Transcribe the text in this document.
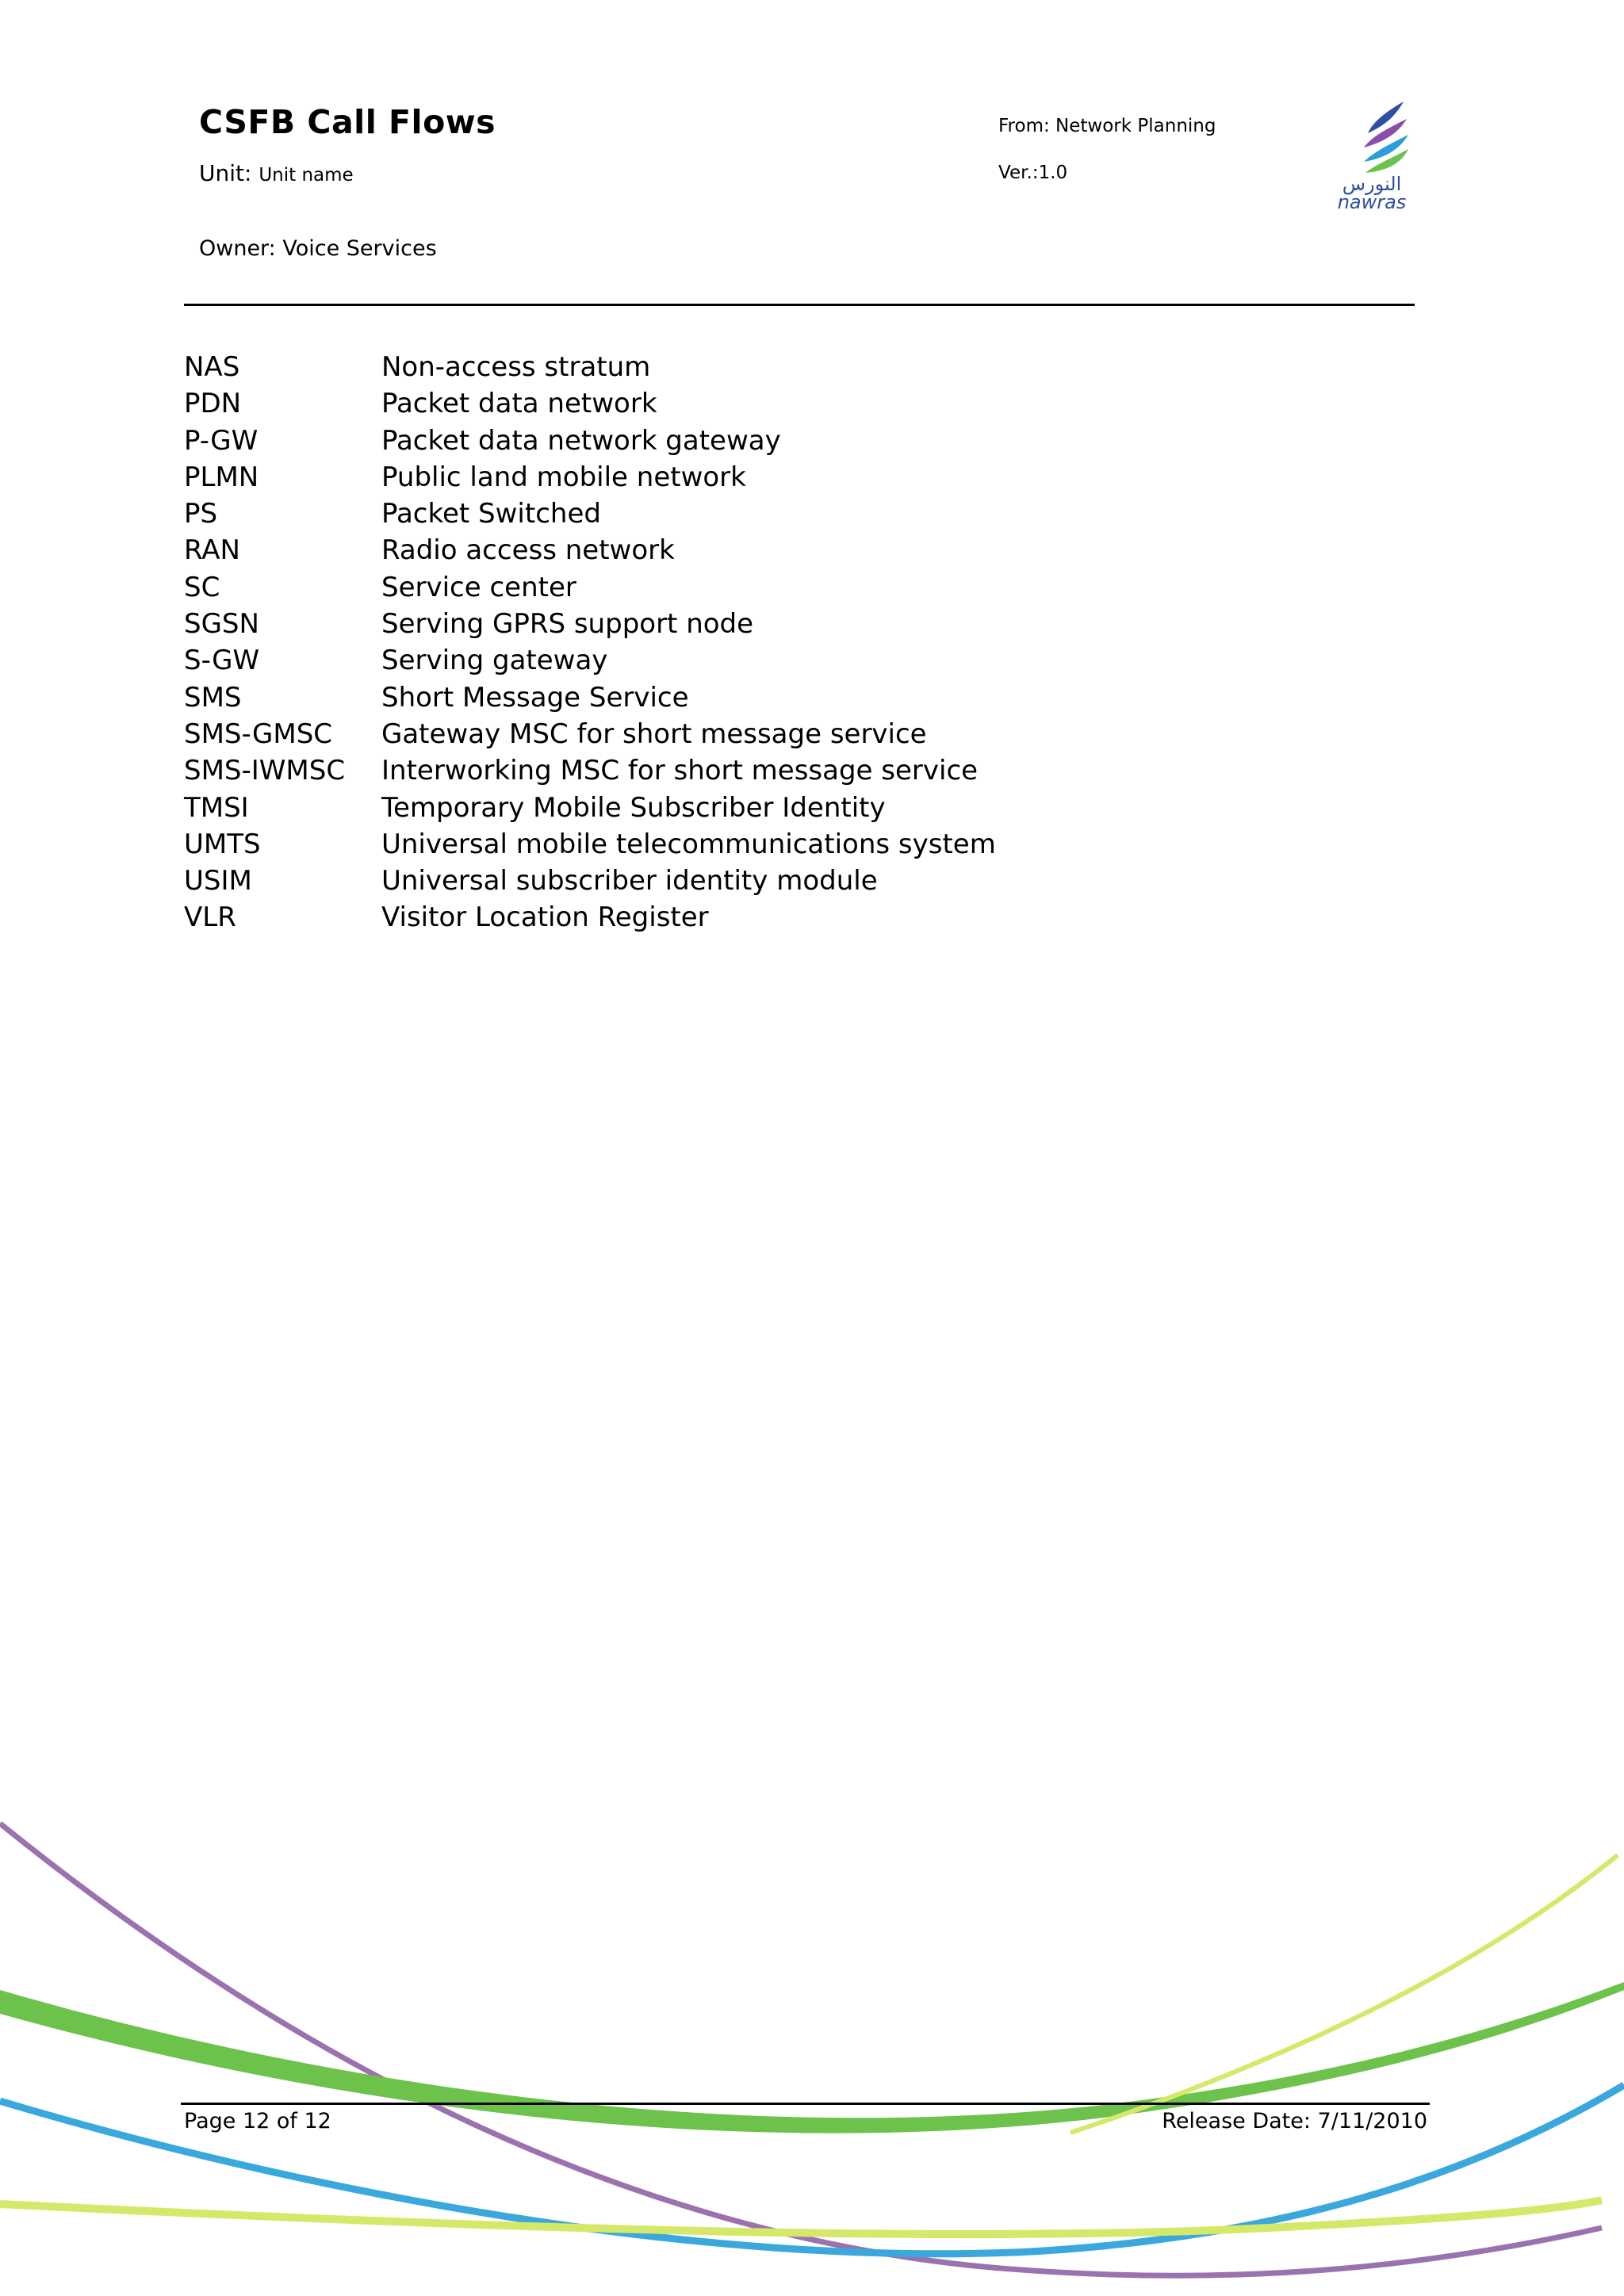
CSFB Call Flows
Unit: Unit name
Owner: Voice Services
From: Network Planning
Ver.:1.0	النورس
nawras
NAS	Non-access stratum
PDN	Packet data network
P-GW	Packet data network gateway
PLMN	Public land mobile network
PS	Packet Switched
RAN	Radio access network
SC	Service center
SGSN	Serving GPRS support node
S-GW	Serving gateway
SMS	Short Message Service
SMS-GMSC	Gateway MSC for short message service
SMS-IWMSC	Interworking MSC for short message service
TMSI	Temporary Mobile Subscriber Identity
UMTS	Universal mobile telecommunications system
USIM	Universal subscriber identity module
VLR	Visitor Location Register
Page 12 of 12	Release Date: 7/11/2010
